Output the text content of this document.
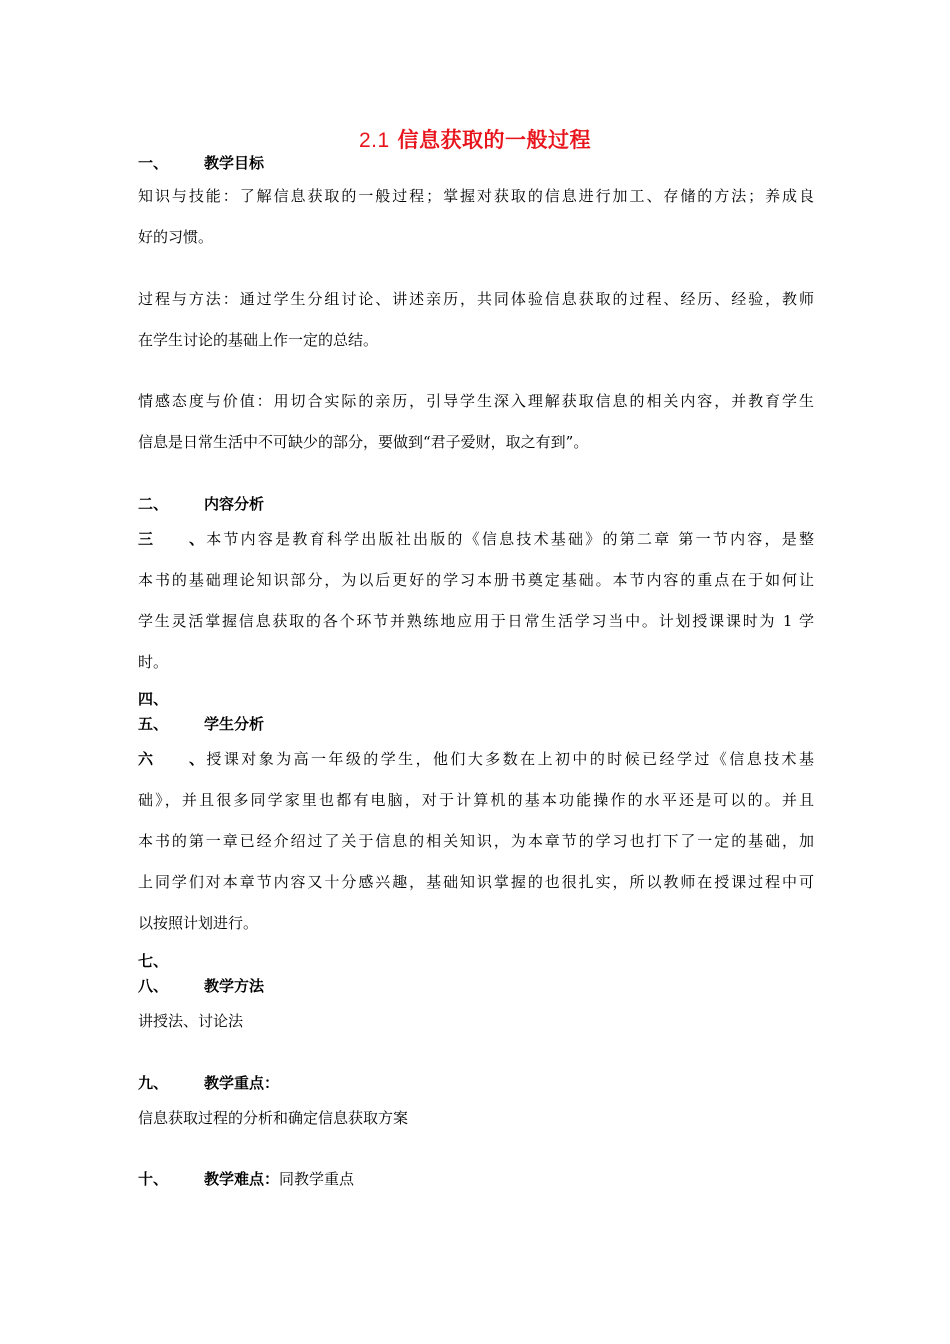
2.1 信息获取的一般过程
一、 教学目标
知识与技能：了解信息获取的一般过程；掌握对获取的信息进行加工、存储的方法；养成良
好的习惯。
过程与方法：通过学生分组讨论、讲述亲历，共同体验信息获取的过程、经历、经验，教师
在学生讨论的基础上作一定的总结。
情感态度与价值：用切合实际的亲历，引导学生深入理解获取信息的相关内容，并教育学生
信息是日常生活中不可缺少的部分，要做到“君子爱财，取之有到”。
二、 内容分析
三、本节内容是教育科学出版社出版的《信息技术基础》的第二章 第一节内容，是整
本书的基础理论知识部分，为以后更好的学习本册书奠定基础。本节内容的重点在于如何让
学生灵活掌握信息获取的各个环节并熟练地应用于日常生活学习当中。计划授课课时为 1 学
时。
四、
五、 学生分析
六、授课对象为高一年级的学生，他们大多数在上初中的时候已经学过《信息技术基
础》，并且很多同学家里也都有电脑，对于计算机的基本功能操作的水平还是可以的。并且
本书的第一章已经介绍过了关于信息的相关知识，为本章节的学习也打下了一定的基础，加
上同学们对本章节内容又十分感兴趣，基础知识掌握的也很扎实，所以教师在授课过程中可
以按照计划进行。
七、
八、 教学方法
讲授法、讨论法
九、 教学重点：
信息获取过程的分析和确定信息获取方案
十、 教学难点：同教学重点
